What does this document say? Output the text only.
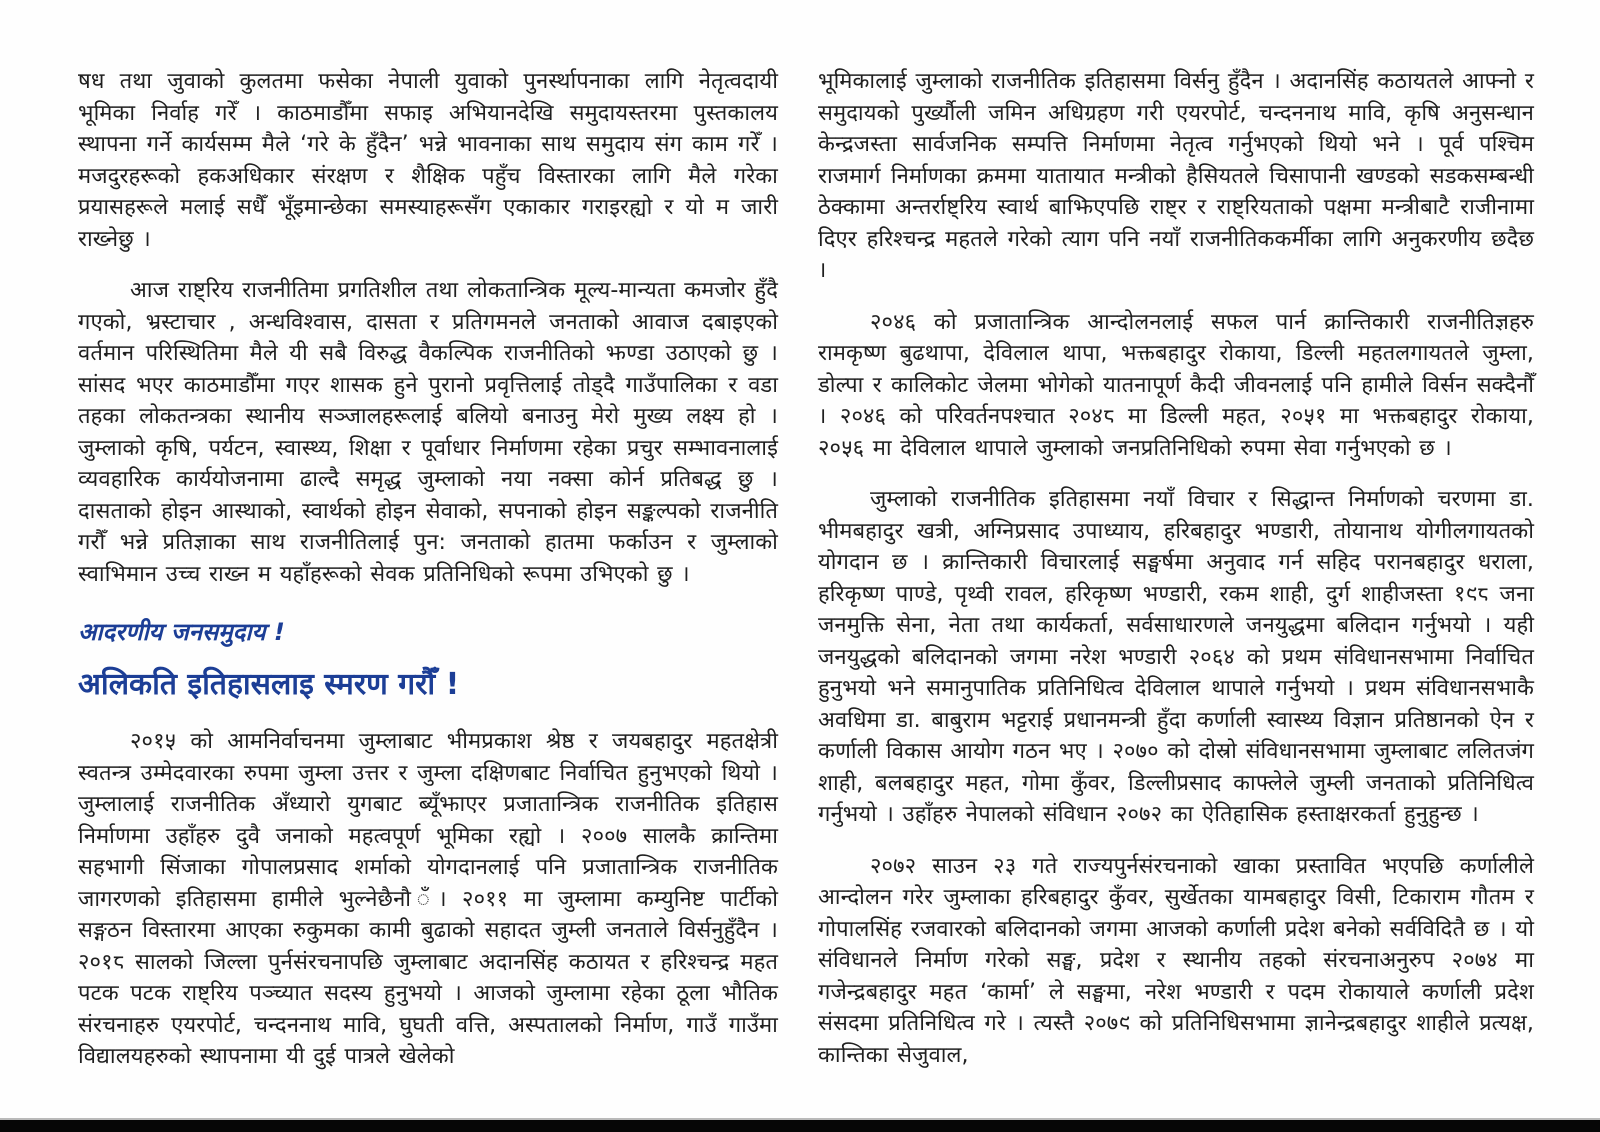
षध तथा जुवाको कुलतमा फसेका नेपाली युवाको पुनर्स्थापनाका लागि नेतृत्वदायी भूमिका निर्वाह गरेँ । काठमाडौँमा सफाइ अभियानदेखि समुदायस्तरमा पुस्तकालय स्थापना गर्ने कार्यसम्म मैले ‘गरे के हुँदैन’ भन्ने भावनाका साथ समुदाय संग काम गरेँ । मजदुरहरूको हकअधिकार संरक्षण र शैक्षिक पहुँच विस्तारका लागि मैले गरेका प्रयासहरूले मलाई सधैँ भूँइमान्छेका समस्याहरूसँग एकाकार गराइरह्यो र यो म जारी राख्नेछु ।

आज राष्ट्रिय राजनीतिमा प्रगतिशील तथा लोकतान्त्रिक मूल्य-मान्यता कमजोर हुँदै गएको, भ्रस्टाचार , अन्धविश्वास, दासता र प्रतिगमनले जनताको आवाज दबाइएको वर्तमान परिस्थितिमा मैले यी सबै विरुद्ध वैकल्पिक राजनीतिको झण्डा उठाएको छु । सांसद भएर काठमाडौँमा गएर शासक हुने पुरानो प्रवृत्तिलाई तोड्दै गाउँपालिका र वडा तहका लोकतन्त्रका स्थानीय सञ्जालहरूलाई बलियो बनाउनु मेरो मुख्य लक्ष्य हो । जुम्लाको कृषि, पर्यटन, स्वास्थ्य, शिक्षा र पूर्वाधार निर्माणमा रहेका प्रचुर सम्भावनालाई व्यवहारिक कार्ययोजनामा ढाल्दै समृद्ध जुम्लाको नया नक्सा कोर्न प्रतिबद्ध छु । दासताको होइन आस्थाको, स्वार्थको होइन सेवाको, सपनाको होइन सङ्कल्पको राजनीति गरौँ भन्ने प्रतिज्ञाका साथ राजनीतिलाई पुन: जनताको हातमा फर्काउन र जुम्लाको स्वाभिमान उच्च राख्न म यहाँहरूको सेवक प्रतिनिधिको रूपमा उभिएको छु ।

आदरणीय जनसमुदाय !

अलिकति इतिहासलाइ स्मरण गरौँ !

२०१५ को आमनिर्वाचनमा जुम्लाबाट भीमप्रकाश श्रेष्ठ र जयबहादुर महतक्षेत्री स्वतन्त्र उम्मेदवारका रुपमा जुम्ला उत्तर र जुम्ला दक्षिणबाट निर्वाचित हुनुभएको थियो । जुम्लालाई राजनीतिक अँध्यारो युगबाट ब्यूँझाएर प्रजातान्त्रिक राजनीतिक इतिहास निर्माणमा उहाँहरु दुवै जनाको महत्वपूर्ण भूमिका रह्यो । २००७ सालकै क्रान्तिमा सहभागी सिंजाका गोपालप्रसाद शर्माको योगदानलाई पनि प्रजातान्त्रिक राजनीतिक जागरणको इतिहासमा हामीले भुल्नेछैनौ ँ। २०११ मा जुम्लामा कम्युनिष्ट पार्टीको सङ्गठन विस्तारमा आएका रुकुमका कामी बुढाको सहादत जुम्ली जनताले विर्सनुहुँदैन । २०१८ सालको जिल्ला पुर्नसंरचनापछि जुम्लाबाट अदानसिंह कठायत र हरिश्चन्द्र महत पटक पटक राष्ट्रिय पञ्च्यात सदस्य हुनुभयो । आजको जुम्लामा रहेका ठूला भौतिक संरचनाहरु एयरपोर्ट, चन्दननाथ मावि, घुघती वत्ति, अस्पतालको निर्माण, गाउँ गाउँमा विद्यालयहरुको स्थापनामा यी दुई पात्रले खेलेको

भूमिकालाई जुम्लाको राजनीतिक इतिहासमा विर्सनु हुँदैन । अदानसिंह कठायतले आफ्नो र समुदायको पुर्ख्यौली जमिन अधिग्रहण गरी एयरपोर्ट, चन्दननाथ मावि, कृषि अनुसन्धान केन्द्रजस्ता सार्वजनिक सम्पत्ति निर्माणमा नेतृत्व गर्नुभएको थियो भने । पूर्व पश्चिम राजमार्ग निर्माणका क्रममा यातायात मन्त्रीको हैसियतले चिसापानी खण्डको सडकसम्बन्धी ठेक्कामा अन्तर्राष्ट्रिय स्वार्थ बाझिएपछि राष्ट्र र राष्ट्रियताको पक्षमा मन्त्रीबाटै राजीनामा दिएर हरिश्चन्द्र महतले गरेको त्याग पनि नयाँ राजनीतिककर्मीका लागि अनुकरणीय छदैछ ।

२०४६ को प्रजातान्त्रिक आन्दोलनलाई सफल पार्न क्रान्तिकारी राजनीतिज्ञहरु रामकृष्ण बुढथापा, देविलाल थापा, भक्तबहादुर रोकाया, डिल्ली महतलगायतले जुम्ला, डोल्पा र कालिकोट जेलमा भोगेको यातनापूर्ण कैदी जीवनलाई पनि हामीले विर्सन सक्दैनौँ । २०४६ को परिवर्तनपश्चात २०४८ मा डिल्ली महत, २०५१ मा भक्तबहादुर रोकाया, २०५६ मा देविलाल थापाले जुम्लाको जनप्रतिनिधिको रुपमा सेवा गर्नुभएको छ ।

जुम्लाको राजनीतिक इतिहासमा नयाँ विचार र सिद्धान्त निर्माणको चरणमा डा. भीमबहादुर खत्री, अग्निप्रसाद उपाध्याय, हरिबहादुर भण्डारी, तोयानाथ योगीलगायतको योगदान छ । क्रान्तिकारी विचारलाई सङ्घर्षमा अनुवाद गर्न सहिद परानबहादुर धराला, हरिकृष्ण पाण्डे, पृथ्वी रावल, हरिकृष्ण भण्डारी, रकम शाही, दुर्ग शाहीजस्ता १९८ जना जनमुक्ति सेना, नेता तथा कार्यकर्ता, सर्वसाधारणले जनयुद्धमा बलिदान गर्नुभयो । यही जनयुद्धको बलिदानको जगमा नरेश भण्डारी २०६४ को प्रथम संविधानसभामा निर्वाचित हुनुभयो भने समानुपातिक प्रतिनिधित्व देविलाल थापाले गर्नुभयो । प्रथम संविधानसभाकै अवधिमा डा. बाबुराम भट्टराई प्रधानमन्त्री हुँदा कर्णाली स्वास्थ्य विज्ञान प्रतिष्ठानको ऐन र कर्णाली विकास आयोग गठन भए । २०७० को दोस्रो संविधानसभामा जुम्लाबाट ललितजंग शाही, बलबहादुर महत, गोमा कुँवर, डिल्लीप्रसाद काफ्लेले जुम्ली जनताको प्रतिनिधित्व गर्नुभयो । उहाँहरु नेपालको संविधान २०७२ का ऐतिहासिक हस्ताक्षरकर्ता हुनुहुन्छ ।

२०७२ साउन २३ गते राज्यपुर्नसंरचनाको खाका प्रस्तावित भएपछि कर्णालीले आन्दोलन गरेर जुम्लाका हरिबहादुर कुँवर, सुर्खेतका यामबहादुर विसी, टिकाराम गौतम र गोपालसिंह रजवारको बलिदानको जगमा आजको कर्णाली प्रदेश बनेको सर्वविदितै छ । यो संविधानले निर्माण गरेको सङ्घ, प्रदेश र स्थानीय तहको संरचनाअनुरुप २०७४ मा गजेन्द्रबहादुर महत ‘कार्मा’ ले सङ्घमा, नरेश भण्डारी र पदम रोकायाले कर्णाली प्रदेश संसदमा प्रतिनिधित्व गरे । त्यस्तै २०७९ को प्रतिनिधिसभामा ज्ञानेन्द्रबहादुर शाहीले प्रत्यक्ष, कान्तिका सेजुवाल,
